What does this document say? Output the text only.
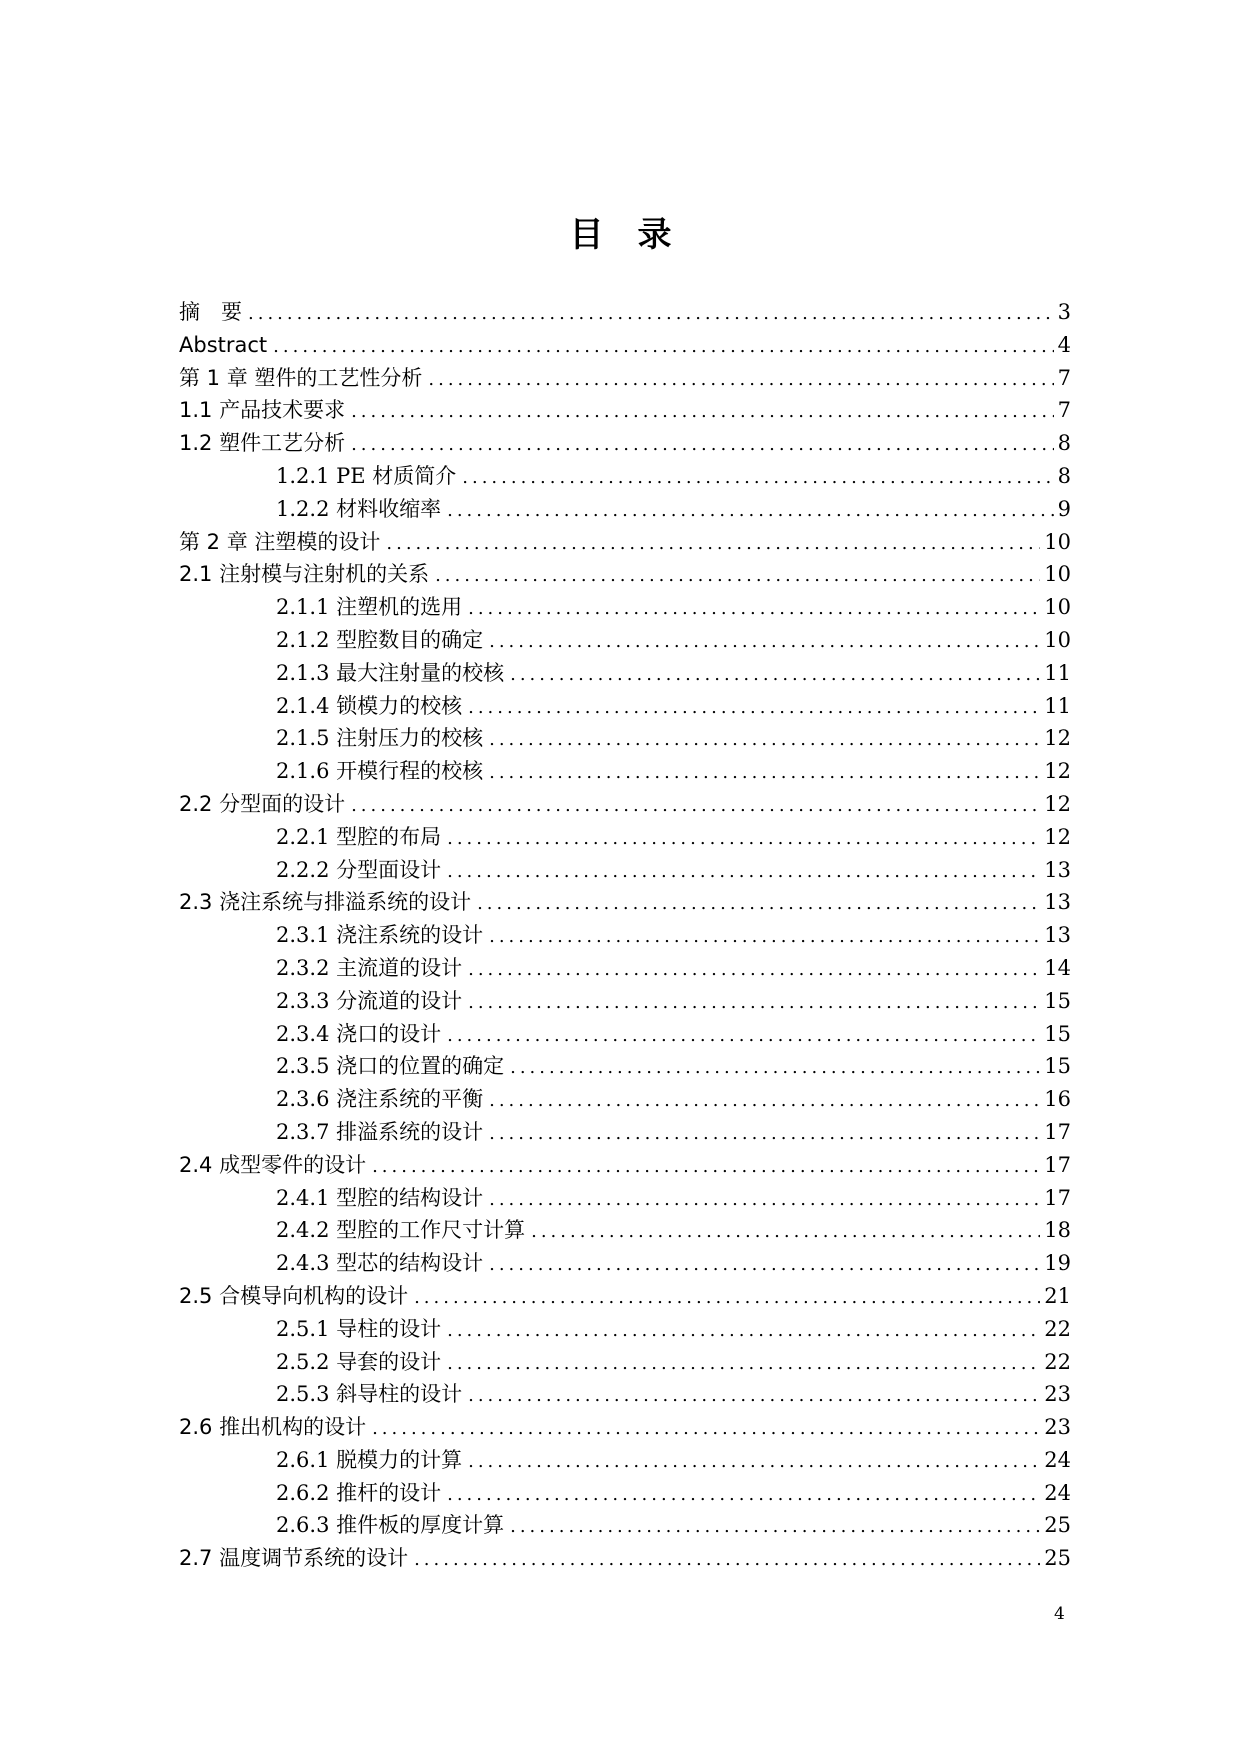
目录
摘　要 .....	3
Abstract .....	4
第 1 章 塑件的工艺性分析 .....	7
1.1 产品技术要求 .....	7
1.2 塑件工艺分析 .....	8
1.2.1 PE 材质简介 .....	8
1.2.2 材料收缩率 .....	9
第 2 章 注塑模的设计 .....	10
2.1 注射模与注射机的关系 .....	10
2.1.1 注塑机的选用 .....	10
2.1.2 型腔数目的确定 .....	10
2.1.3 最大注射量的校核 .....	11
2.1.4 锁模力的校核 .....	11
2.1.5 注射压力的校核 .....	12
2.1.6 开模行程的校核 .....	12
2.2 分型面的设计 .....	12
2.2.1 型腔的布局 .....	12
2.2.2 分型面设计 .....	13
2.3 浇注系统与排溢系统的设计 .....	13
2.3.1 浇注系统的设计 .....	13
2.3.2 主流道的设计 .....	14
2.3.3 分流道的设计 .....	15
2.3.4 浇口的设计 .....	15
2.3.5 浇口的位置的确定 .....	15
2.3.6 浇注系统的平衡 .....	16
2.3.7 排溢系统的设计 .....	17
2.4 成型零件的设计 .....	17
2.4.1 型腔的结构设计 .....	17
2.4.2 型腔的工作尺寸计算 .....	18
2.4.3 型芯的结构设计 .....	19
2.5 合模导向机构的设计 .....	21
2.5.1 导柱的设计 .....	22
2.5.2 导套的设计 .....	22
2.5.3 斜导柱的设计 .....	23
2.6 推出机构的设计 .....	23
2.6.1 脱模力的计算 .....	24
2.6.2 推杆的设计 .....	24
2.6.3 推件板的厚度计算 .....	25
2.7 温度调节系统的设计 .....	25
4
